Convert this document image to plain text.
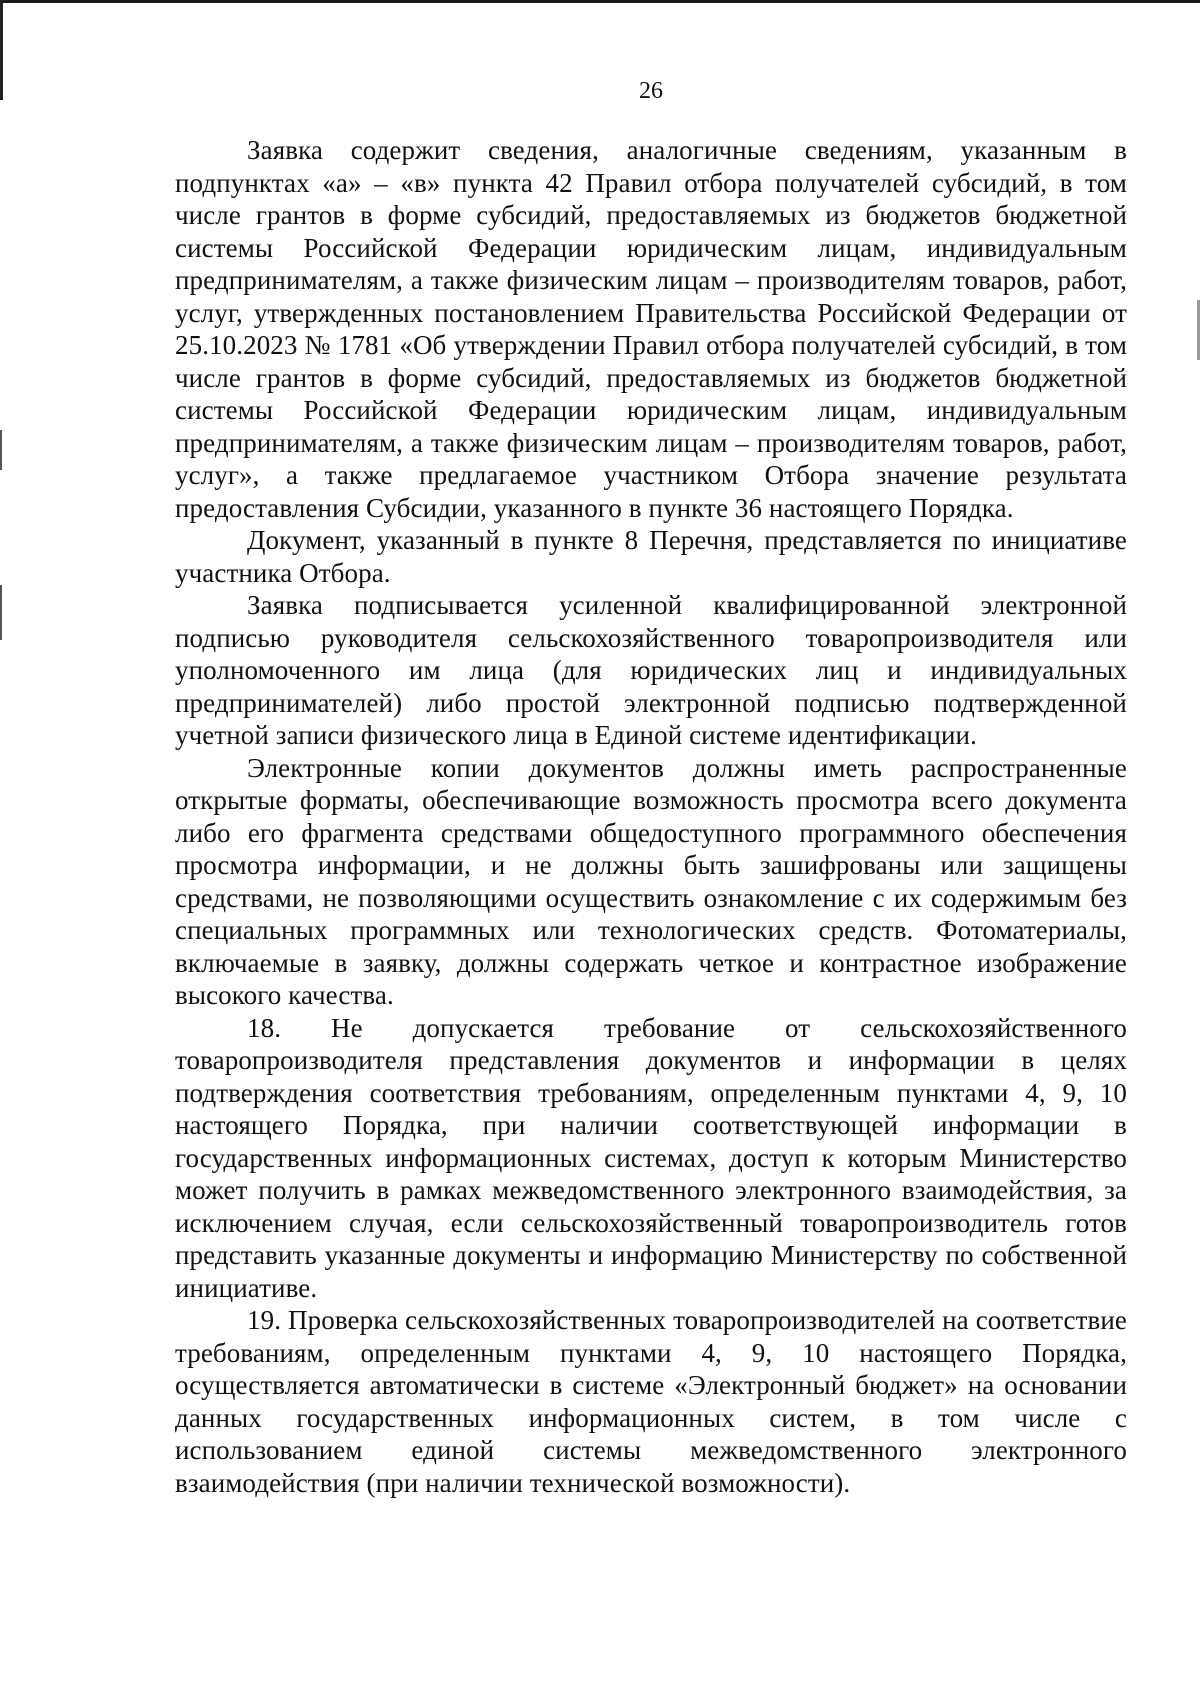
26

Заявка содержит сведения, аналогичные сведениям, указанным в подпунктах «а» – «в» пункта 42 Правил отбора получателей субсидий, в том числе грантов в форме субсидий, предоставляемых из бюджетов бюджетной системы Российской Федерации юридическим лицам, индивидуальным предпринимателям, а также физическим лицам – производителям товаров, работ, услуг, утвержденных постановлением Правительства Российской Федерации от 25.10.2023 № 1781 «Об утверждении Правил отбора получателей субсидий, в том числе грантов в форме субсидий, предоставляемых из бюджетов бюджетной системы Российской Федерации юридическим лицам, индивидуальным предпринимателям, а также физическим лицам – производителям товаров, работ, услуг», а также предлагаемое участником Отбора значение результата предоставления Субсидии, указанного в пункте 36 настоящего Порядка.

Документ, указанный в пункте 8 Перечня, представляется по инициативе участника Отбора.

Заявка подписывается усиленной квалифицированной электронной подписью руководителя сельскохозяйственного товаропроизводителя или уполномоченного им лица (для юридических лиц и индивидуальных предпринимателей) либо простой электронной подписью подтвержденной учетной записи физического лица в Единой системе идентификации.

Электронные копии документов должны иметь распространенные открытые форматы, обеспечивающие возможность просмотра всего документа либо его фрагмента средствами общедоступного программного обеспечения просмотра информации, и не должны быть зашифрованы или защищены средствами, не позволяющими осуществить ознакомление с их содержимым без специальных программных или технологических средств. Фотоматериалы, включаемые в заявку, должны содержать четкое и контрастное изображение высокого качества.

18. Не допускается требование от сельскохозяйственного товаропроизводителя представления документов и информации в целях подтверждения соответствия требованиям, определенным пунктами 4, 9, 10 настоящего Порядка, при наличии соответствующей информации в государственных информационных системах, доступ к которым Министерство может получить в рамках межведомственного электронного взаимодействия, за исключением случая, если сельскохозяйственный товаропроизводитель готов представить указанные документы и информацию Министерству по собственной инициативе.

19. Проверка сельскохозяйственных товаропроизводителей на соответствие требованиям, определенным пунктами 4, 9, 10 настоящего Порядка, осуществляется автоматически в системе «Электронный бюджет» на основании данных государственных информационных систем, в том числе с использованием единой системы межведомственного электронного взаимодействия (при наличии технической возможности).
